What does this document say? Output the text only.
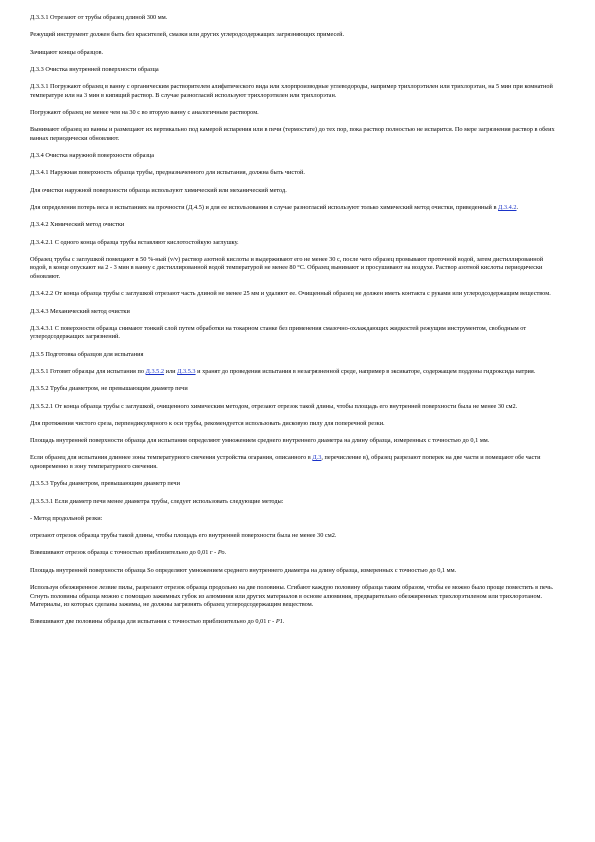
Д.3.3.1 Отрезают от трубы образец длиной 300 мм.

Режущий инструмент должен быть без красителей, смазки или других углеродсодержащих загрязняющих примесей.

Зачищают концы образцов.

Д.3.3 Очистка внутренней поверхности образца

Д.3.3.1 Погружают образец в ванну с органическим растворителем алифатического вида или хлорпроизводные углеводороды, например трихлорэтилен или трихлорэтан, на 5 мин при комнатной температуре или на 3 мин в кипящий раствор. В случае разногласий используют трихлорэтилен или трихлорэтан.

Погружают образец не менее чем на 30 с во вторую ванну с аналогичным раствором.

Вынимают образец из ванны и размещают их вертикально под камерой испарения или в печи (термостате) до тех пор, пока раствор полностью не испарится. По мере загрязнения раствор в обеих ваннах периодически обновляют.

Д.3.4 Очистка наружной поверхности образца

Д.3.4.1 Наружная поверхность образца трубы, предназначенного для испытания, должна быть чистой.

Для очистки наружной поверхности образца используют химический или механический метод.

Для определения потерь веса в испытаниях на прочности (Д.4.5) и для ее использования в случае разногласий используют только химический метод очистки, приведенный в Д.3.4.2.

Д.3.4.2 Химический метод очистки

Д.3.4.2.1 С одного конца образца трубы вставляют кислотостойкую заглушку.

Образец трубы с заглушкой помещают в 50 %-ный (v/v) раствор азотной кислоты и выдерживают его не менее 30 с, после чего образец промывают проточной водой, затем дистиллированной водой, в конце опускают на 2 - 3 мин в ванну с дистиллированной водой температурой не менее 80 °С. Образец вынимают и просушивают на воздухе. Раствор азотной кислоты периодически обновляют.

Д.3.4.2.2 От конца образца трубы с заглушкой отрезают часть длиной не менее 25 мм и удаляют ее. Очищенный образец не должен иметь контакта с руками или углеродсодержащим веществом.

Д.3.4.3 Механический метод очистки

Д.3.4.3.1 С поверхности образца снимают тонкий слой путем обработки на токарном станке без применения смазочно-охлаждающих жидкостей режущим инструментом, свободным от углеродсодержащих загрязнений.

Д.3.5 Подготовка образцов для испытания

Д.3.5.1 Готовят образцы для испытания по Д.3.5.2 или Д.3.5.3 и хранят до проведения испытания в незагрязненной среде, например в эксикаторе, содержащем поддоны гидроксида натрия.

Д.3.5.2 Трубы диаметром, не превышающим диаметр печи

Д.3.5.2.1 От конца образца трубы с заглушкой, очищенного химическим методом, отрезают отрезок такой длины, чтобы площадь его внутренней поверхности была не менее 30 см2.

Для протяжения чистого среза, перпендикулярного к оси трубы, рекомендуется использовать дисковую пилу для поперечной резки.

Площадь внутренней поверхности образца для испытания определяют умножением среднего внутреннего диаметра на длину образца, измеренных с точностью до 0,1 мм.

Если образец для испытания длиннее зоны температурного свечения устройства огарания, описанного в Д.3, перечисление в), образец разрезают поперек на две части и помещают обе части одновременно в зону температурного свечения.

Д.3.5.3 Трубы диаметром, превышающим диаметр печи

Д.3.5.3.1 Если диаметр печи менее диаметра трубы, следует использовать следующие методы:

- Метод продольной резки:

отрезают отрезок образца трубы такой длины, чтобы площадь его внутренней поверхности была не менее 30 см2.

Взвешивают отрезок образца с точностью приблизительно до 0,01 г - Ро.

Площадь внутренней поверхности образца Sо определяют умножением среднего внутреннего диаметра на длину образца, измеренных с точностью до 0,1 мм.

Используя обезжиренное лезвие пилы, разрезают отрезок образца продольно на две половины. Сгибают каждую половину образца таким образом, чтобы ее можно было проще поместить в печь. Сгнуть половины образца можно с помощью зажимных губок из алюминия или других материалов в основе алюминия, предварительно обезжиренных трихлорэтиленом или трихлорэтаном. Материалы, из которых сделаны зажимы, не должны загрязнять образец углеродсодержащим веществом.

Взвешивают две половины образца для испытания с точностью приблизительно до 0,01 г - Р1.
